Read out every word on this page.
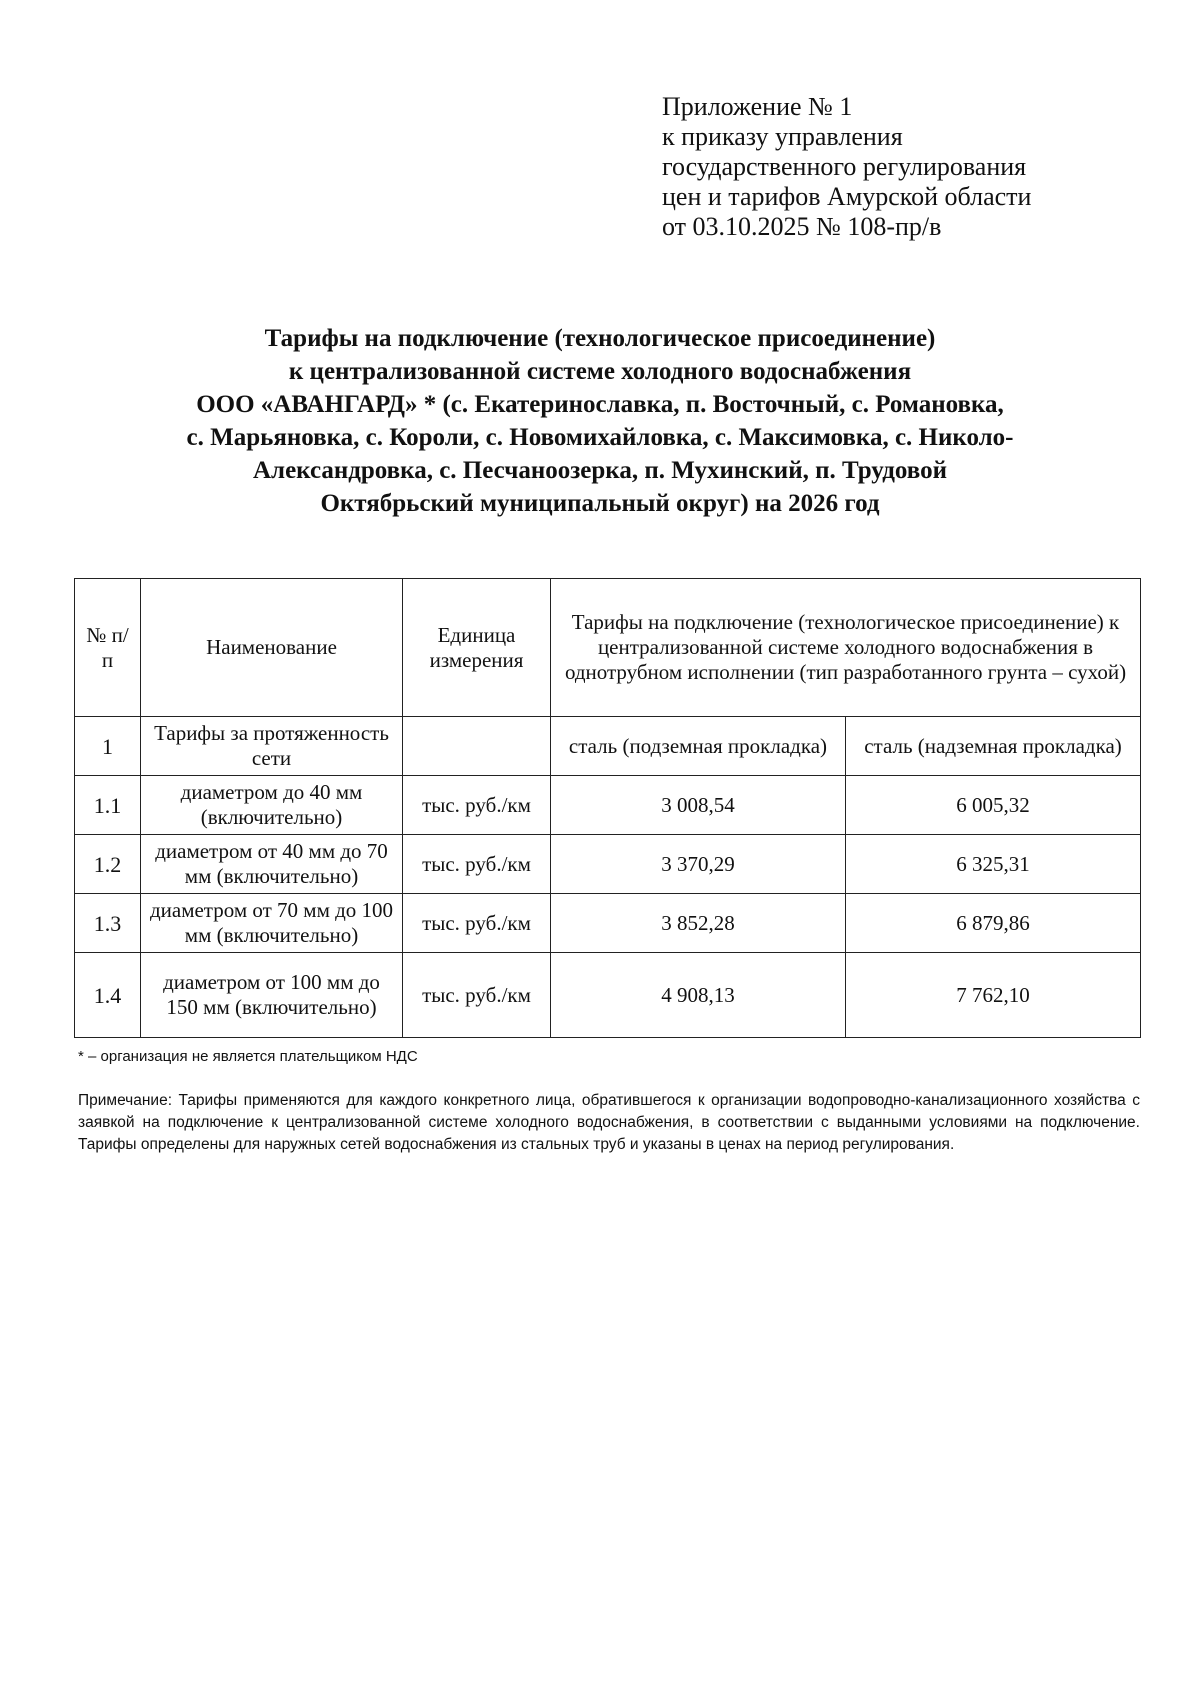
Приложение № 1
к приказу управления
государственного регулирования
цен и тарифов Амурской области
от 03.10.2025 № 108-пр/в
Тарифы на подключение (технологическое присоединение)
к централизованной системе холодного водоснабжения
ООО «АВАНГАРД» * (с. Екатеринославка, п. Восточный, с. Романовка,
с. Марьяновка, с. Короли, с. Новомихайловка, с. Максимовка, с. Николо-
Александровка, с. Песчаноозерка, п. Мухинский, п. Трудовой
Октябрьский муниципальный округ) на 2026 год
№ п/п	Наименование	Единица измерения	Тарифы на подключение (технологическое присоединение) к централизованной системе холодного водоснабжения в однотрубном исполнении (тип разработанного грунта – сухой)	
1	Тарифы за протяженность сети		сталь (подземная прокладка)	сталь (надземная прокладка)
1.1	диаметром до 40 мм (включительно)	тыс. руб./км	3 008,54	6 005,32
1.2	диаметром от 40 мм до 70 мм (включительно)	тыс. руб./км	3 370,29	6 325,31
1.3	диаметром от 70 мм до 100 мм (включительно)	тыс. руб./км	3 852,28	6 879,86
1.4	диаметром от 100 мм до 150 мм (включительно)	тыс. руб./км	4 908,13	7 762,10
* – организация не является плательщиком НДС
Примечание: Тарифы применяются для каждого конкретного лица, обратившегося к организации водопроводно-канализационного хозяйства с заявкой на подключение к централизованной системе холодного водоснабжения, в соответствии с выданными условиями на подключение. Тарифы определены для наружных сетей водоснабжения из стальных труб и указаны в ценах на период регулирования.
